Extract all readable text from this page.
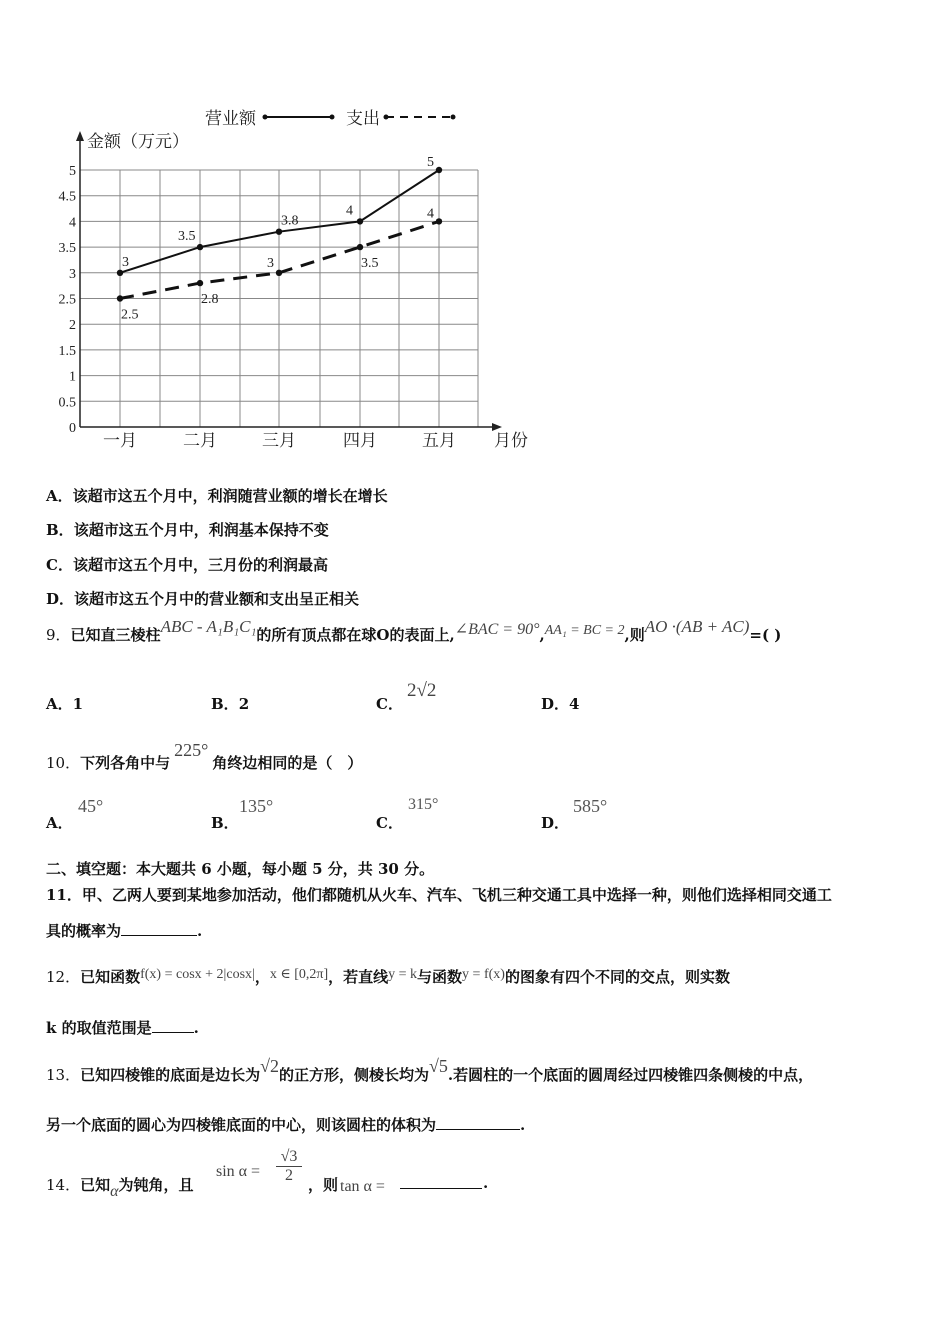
0
0.5
1
1.5
2
2.5
3
3.5
4
4.5
5
一月	二月	三月	四月	五月
3
3.5
3.8
4
5
2.5
2.8
3	3.5
4
营业额	支出
金额（万元）
月份
A．该超市这五个月中，利润随营业额的增长在增长
B．该超市这五个月中，利润基本保持不变
C．该超市这五个月中，三月份的利润最高
D．该超市这五个月中的营业额和支出呈正相关
9．已知直三棱柱ABC - A₁B₁C₁的所有顶点都在球O的表面上,∠BAC = 90°,AA₁ = BC = 2,则AO ·(AB + AC)=( )
A．1	B．2	C．
2√2
D．4
10．下列各角中与225°角终边相同的是（　）
A．
45°
B．
135°
C．
315°
D．
585°
二、填空题：本大题共 6 小题，每小题 5 分，共 30 分。
11．甲、乙两人要到某地参加活动，他们都随机从火车、汽车、飞机三种交通工具中选择一种，则他们选择相同交通工
具的概率为	.
12．已知函数f(x) = cosx + 2|cosx|，x ∈ [0,2π]，若直线y = k与函数y = f(x)的图象有四个不同的交点，则实数
k 的取值范围是	.
13．已知四棱锥的底面是边长为√2的正方形，侧棱长均为√5.若圆柱的一个底面的圆周经过四棱锥四条侧棱的中点，
另一个底面的圆心为四棱锥底面的中心，则该圆柱的体积为	.
14．已知α为钝角，且
$\sin \alpha = \frac{√3}{2}$ ，则 tan α =	.
